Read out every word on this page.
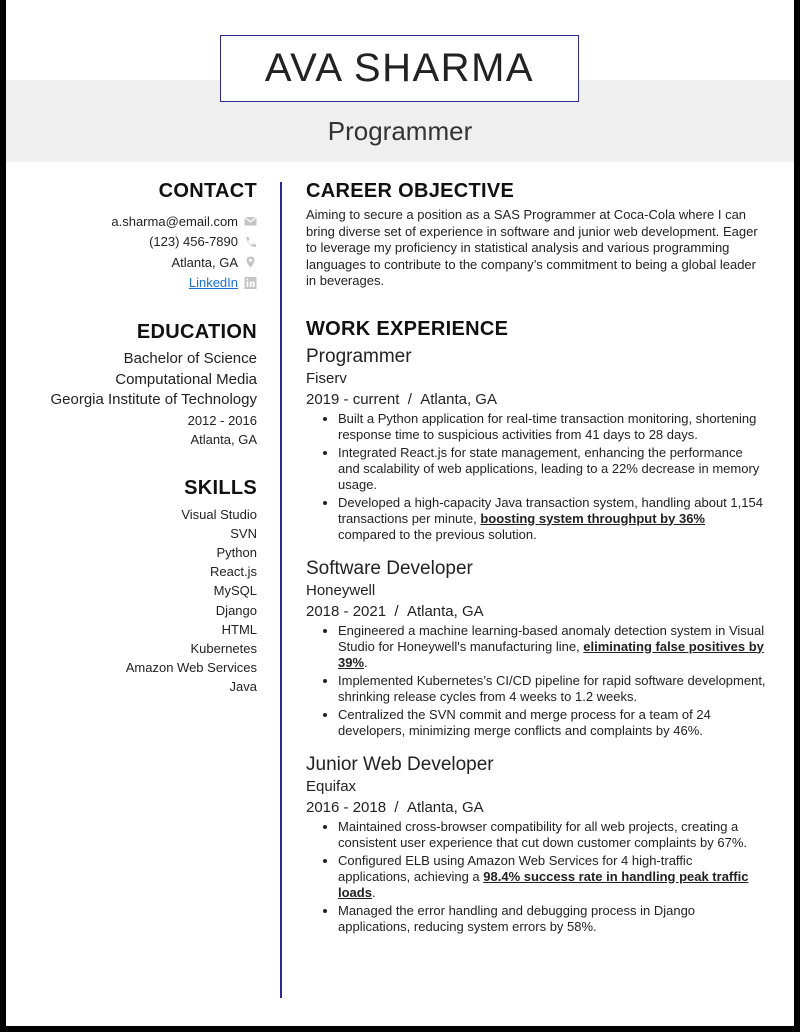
AVA SHARMA
Programmer
CONTACT
a.sharma@email.com
(123) 456-7890
Atlanta, GA
LinkedIn
EDUCATION
Bachelor of Science
Computational Media
Georgia Institute of Technology
2012 - 2016
Atlanta, GA
SKILLS
Visual Studio
SVN
Python
React.js
MySQL
Django
HTML
Kubernetes
Amazon Web Services
Java
CAREER OBJECTIVE

Aiming to secure a position as a SAS Programmer at Coca-Cola where I can bring diverse set of experience in software and junior web development. Eager to leverage my proficiency in statistical analysis and various programming languages to contribute to the company’s commitment to being a global leader in beverages.

WORK EXPERIENCE
Programmer
Fiserv
2019 - current / Atlanta, GA
• Built a Python application for real-time transaction monitoring, shortening response time to suspicious activities from 41 days to 28 days.
• Integrated React.js for state management, enhancing the performance and scalability of web applications, leading to a 22% decrease in memory usage.
• Developed a high-capacity Java transaction system, handling about 1,154 transactions per minute, boosting system throughput by 36% compared to the previous solution.
Software Developer
Honeywell
2018 - 2021 / Atlanta, GA
• Engineered a machine learning-based anomaly detection system in Visual Studio for Honeywell's manufacturing line, eliminating false positives by 39%.
• Implemented Kubernetes’s CI/CD pipeline for rapid software development, shrinking release cycles from 4 weeks to 1.2 weeks.
• Centralized the SVN commit and merge process for a team of 24 developers, minimizing merge conflicts and complaints by 46%.
Junior Web Developer
Equifax
2016 - 2018 / Atlanta, GA
• Maintained cross-browser compatibility for all web projects, creating a consistent user experience that cut down customer complaints by 67%.
• Configured ELB using Amazon Web Services for 4 high-traffic applications, achieving a 98.4% success rate in handling peak traffic loads.
• Managed the error handling and debugging process in Django applications, reducing system errors by 58%.
